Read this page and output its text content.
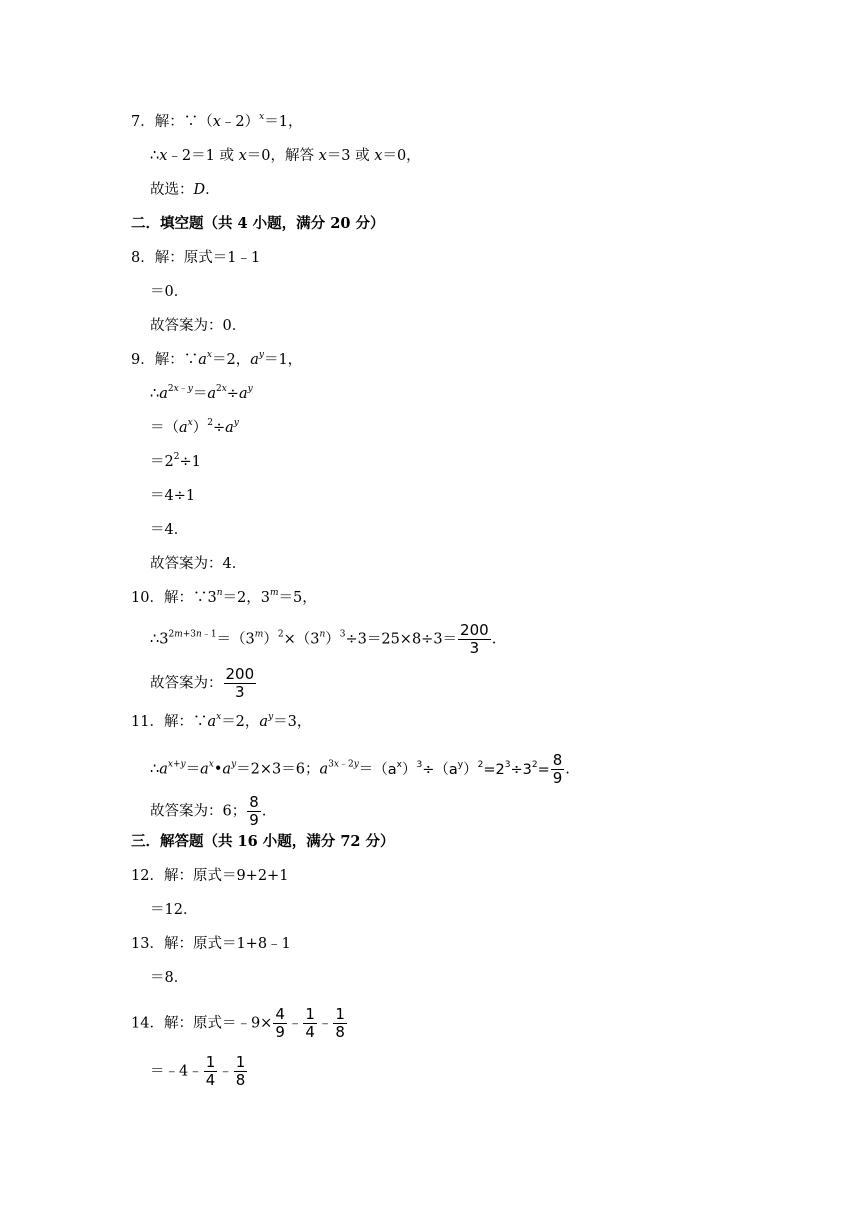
7．解：∵（x﹣2）$^x$＝1，
∴x﹣2＝1 或 x＝0，解答 x＝3 或 x＝0，
故选：D．
二．填空题（共 4 小题，满分 20 分）
8．解：原式＝1﹣1
＝0．
故答案为：0．
9．解：$\because a^x=2$，$a^y=1$，
$\therefore a^{2x﹣y}=a^{2x}\div a^y$
$=(a^x)^2\div a^y$
$=2^2\div 1$
＝4÷1
＝4．
故答案为：4．
10．解：$\because 3^n=2$，$3^m=5$，
$\therefore 3^{2m+3n﹣1}=(3^m)^2\times(3^n)^3\div 3=25\times 8\div 3= \frac{200}{3}$ .
故答案为： $\frac{200}{3}$
11．解：$\because a^x=2$，$a^y=3$，
$\therefore a^{x+y}=a^x•a^y=2\times 3=6$；$a^{3x﹣2y}=(a^x)^3\div(a^y)^2=2^3\div 3^2= \frac{8}{9}$ .
故答案为：6； $\frac{8}{9}$ .
三．解答题（共 16 小题，满分 72 分）
12．解：原式＝9+2+1
＝12．
13．解：原式＝1+8﹣1
＝8．
14．解：原式＝﹣9× $\frac{4}{9}$ ﹣ $\frac{1}{4}$ ﹣ $\frac{1}{8}$
＝﹣4﹣ $\frac{1}{4}$ ﹣ $\frac{1}{8}$
